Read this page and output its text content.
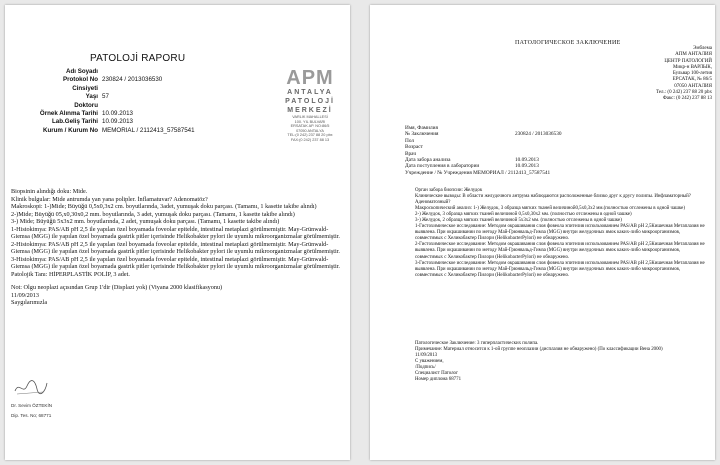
PATOLOJİ RAPORU
Adı Soyadı
Protokol No 230824 / 2013036530
Cinsiyeti
Yaşı 57
Doktoru
Örnek Alınma Tarihi 10.09.2013
Lab.Geliş Tarihi 10.09.2013
Kurum / Kurum No MEMORIAL / 2112413_57587541
APM
ANTALYA
PATOLOJİ
MERKEZİ
VARLIK MAHALLESİ
100. YIL BULVARI
ERSATAK AP. NO:86/5
07050 ANTALYA
TEL:(0 242) 237 88 20 pbx
FAX:(0 242) 237 88 13

Biopsinin alındığı doku: Mide.

Klinik bulgular: Mide antrumda yan yana polipler. İnflamatuvar? Adenomatöz?

Makroskopi: 1-)Mide; Büyüğü 0,5x0,3x2 cm. boyutlarında, 3adet, yumuşak doku parçası. (Tamamı, 1 kasette takibe alındı)

2-)Mide; Büyüğü 05,x0,30x0,2 mm. boyutlarında, 3 adet, yumuşak doku parçası. (Tamamı, 1 kasette takibe alındı)

3-) Mide; Büyüğü 5x3x2 mm. boyutlarında, 2 adet, yumuşak doku parçası. (Tamamı, 1 kasette takibe alındı)

1-Histokimya: PAS/AB pH 2,5 ile yapılan özel boyamada foveolar epitelde, intestinal metaplazi görülmemiştir. May-Grünwald-Giemsa (MGG) ile yapılan özel boyamada gastrik pitler içerisinde Helikobakter pylori ile uyumlu mikroorganizmalar görülmemiştir.

2-Histokimya: PAS/AB pH 2,5 ile yapılan özel boyamada foveolar epitelde, intestinal metaplazi görülmemiştir. May-Grünwald-Giemsa (MGG) ile yapılan özel boyamada gastrik pitler içerisinde Helikobakter pylori ile uyumlu mikroorganizmalar görülmemiştir.

3-Histokimya: PAS/AB pH 2,5 ile yapılan özel boyamada foveolar epitelde, intestinal metaplazi görülmemiştir. May-Grünwald-Giemsa (MGG) ile yapılan özel boyamada gastrik pitler içerisinde Helikobakter pylori ile uyumlu mikroorganizmalar görülmemiştir.

Patolojik Tanı: HİPERPLASTİK POLİP, 3 adet.

Not: Olgu neoplazi açısından Grup 1'dir (Displazi yok) (Viyana 2000 klasifikasyonu)

11/09/2013

Saygılarımızla

Dr. Sevim ÖZTEKİN
Dip. Tes. No; 68771
ПАТОЛОГИЧЕСКОЕ ЗАКЛЮЧЕНИЕ
Эмблема
АПМ АНТАЛИЯ
ЦЕНТР ПАТОЛОГИЙ
Микр-н ВАРЛЫК,
Бульвар 100-летия
ЕРСАТАК, № 86/5
07050 АНТАЛИЯ
Тел.: (0 242) 237 88 20 pbx
Факс: (0 242) 237 88 13
Имя, Фамилия
№ Заключения	230824 / 2013036530
Пол
Возраст
Врач
Дата забора анализа	10.09.2013
Дата поступления в лаборатории	10.09.2013
Учреждение / № Учреждения МЕМОРИАЛ / 2112413_57587541

Орган забора биопсии: Желудок

Клинические выводы: В области желудочного антрума наблюдаются расположенные близко друг к другу полипы. Инфламаторный? Аденоматозный?

Макроскопический анализ: 1-) Желудок, 3 образца мягких тканей величиной0,5x0,3x2 мм.(полностью отслежены в одной чашке)

2-) Желудок, 3 образца мягких тканей величиной 0,5x0,30x2 мм. (полностью отслежены в одной чашке)

3-) Желудок, 2 образца мягких тканей величиной 5x3x2 мм. (полностью отслежены в одной чашке)

1-Гистохимическое исследование: Методом окрашивания слоя фовеола эпителия использованием PAS/AB pH 2,5Кишечная Метаплазия не выявлена. При окрашивании по методу Май-Грюнвальд-Гимза (MGG) внутри желудочных ямок каких-либо микроорганизмов, совместимых с Хеликобактер Пилори (HelikobacterPylori) не обнаружено.

2-Гистохимическое исследование: Методом окрашивания слоя фовеола эпителия использованием PAS/AB pH 2,5Кишечная Метаплазия не выявлена. При окрашивании по методу Май-Грюнвальд-Гимза (MGG) внутри желудочных ямок каких-либо микроорганизмов, совместимых с Хеликобактер Пилори (HelikobacterPylori) не обнаружено.

3-Гистохимическое исследование: Методом окрашивания слоя фовеола эпителия использованием PAS/AB pH 2,5Кишечная Метаплазия не выявлена. При окрашивании по методу Май-Грюнвальд-Гимза (MGG) внутри желудочных ямок каких-либо микроорганизмов, совместимых с Хеликобактер Пилори (HelikobacterPylori) не обнаружено.

Патологическое Заключение: 3 гиперпластических полипа.

Примечание: Материал относится к 1-ой группе неоплазии (дисплазия не обнаружено) (По классификации Вена 2000)

11/09/2013

С уважением,

/Подпись/

Специалист Патолог

Номер диплома 68771
